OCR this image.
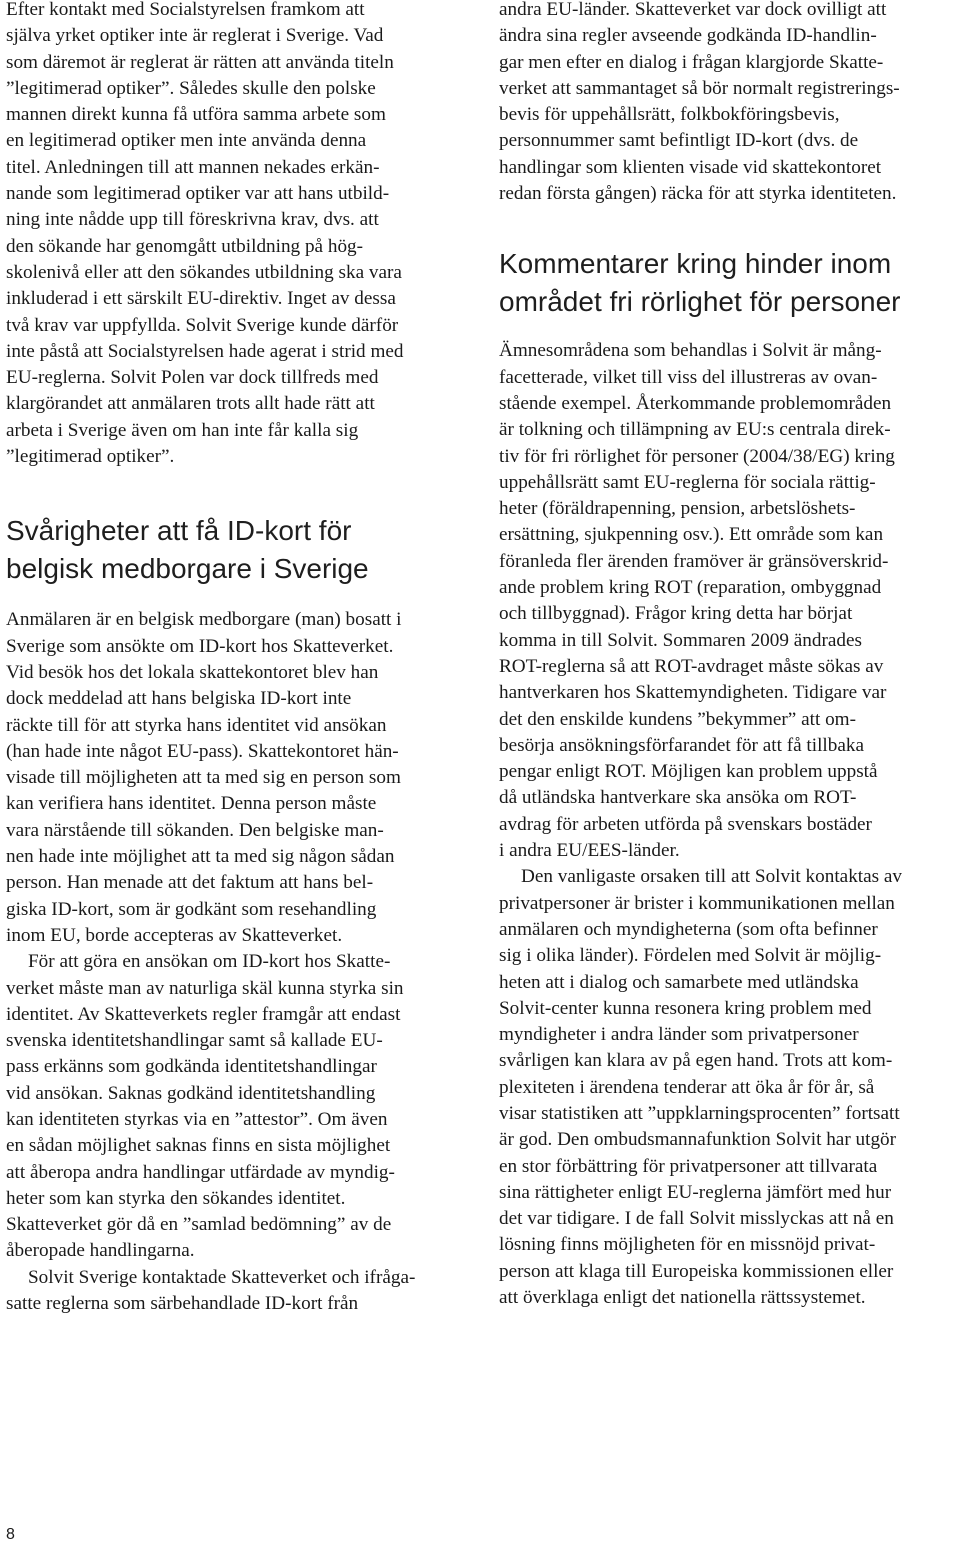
Efter kontakt med Socialstyrelsen framkom att
själva yrket optiker inte är reglerat i Sverige. Vad
som däremot är reglerat är rätten att använda titeln
”legitimerad optiker”. Således skulle den polske
mannen direkt kunna få utföra samma arbete som
en legitimerad optiker men inte använda denna
titel. Anledningen till att mannen nekades erkän-
nande som legitimerad optiker var att hans utbild-
ning inte nådde upp till föreskrivna krav, dvs. att
den sökande har genomgått utbildning på hög-
skolenivå eller att den sökandes utbildning ska vara
inkluderad i ett särskilt EU-direktiv. Inget av dessa
två krav var uppfyllda. Solvit Sverige kunde därför
inte påstå att Socialstyrelsen hade agerat i strid med
EU-reglerna. Solvit Polen var dock tillfreds med
klargörandet att anmälaren trots allt hade rätt att
arbeta i Sverige även om han inte får kalla sig
”legitimerad optiker”.
Svårigheter att få ID-kort för
belgisk medborgare i Sverige
Anmälaren är en belgisk medborgare (man) bosatt i
Sverige som ansökte om ID-kort hos Skatteverket.
Vid besök hos det lokala skattekontoret blev han
dock meddelad att hans belgiska ID-kort inte
räckte till för att styrka hans identitet vid ansökan
(han hade inte något EU-pass). Skattekontoret hän-
visade till möjligheten att ta med sig en person som
kan verifiera hans identitet. Denna person måste
vara närstående till sökanden. Den belgiske man-
nen hade inte möjlighet att ta med sig någon sådan
person. Han menade att det faktum att hans bel-
giska ID-kort, som är godkänt som resehandling
inom EU, borde accepteras av Skatteverket.
För att göra en ansökan om ID-kort hos Skatte-
verket måste man av naturliga skäl kunna styrka sin
identitet. Av Skatteverkets regler framgår att endast
svenska identitetshandlingar samt så kallade EU-
pass erkänns som godkända identitetshandlingar
vid ansökan. Saknas godkänd identitetshandling
kan identiteten styrkas via en ”attestor”. Om även
en sådan möjlighet saknas finns en sista möjlighet
att åberopa andra handlingar utfärdade av myndig-
heter som kan styrka den sökandes identitet.
Skatteverket gör då en ”samlad bedömning” av de
åberopade handlingarna.
Solvit Sverige kontaktade Skatteverket och ifråga-
satte reglerna som särbehandlade ID-kort från
andra EU-länder. Skatteverket var dock ovilligt att
ändra sina regler avseende godkända ID-handlin-
gar men efter en dialog i frågan klargjorde Skatte-
verket att sammantaget så bör normalt registrerings-
bevis för uppehållsrätt, folkbokföringsbevis,
personnummer samt befintligt ID-kort (dvs. de
handlingar som klienten visade vid skattekontoret
redan första gången) räcka för att styrka identiteten.
Kommentarer kring hinder inom
området fri rörlighet för personer
Ämnesområdena som behandlas i Solvit är mång-
facetterade, vilket till viss del illustreras av ovan-
stående exempel. Återkommande problemområden
är tolkning och tillämpning av EU:s centrala direk-
tiv för fri rörlighet för personer (2004/38/EG) kring
uppehållsrätt samt EU-reglerna för sociala rättig-
heter (föräldrapenning, pension, arbetslöshets-
ersättning, sjukpenning osv.). Ett område som kan
föranleda fler ärenden framöver är gränsöverskrid-
ande problem kring ROT (reparation, ombyggnad
och tillbyggnad). Frågor kring detta har börjat
komma in till Solvit. Sommaren 2009 ändrades
ROT-reglerna så att ROT-avdraget måste sökas av
hantverkaren hos Skattemyndigheten. Tidigare var
det den enskilde kundens ”bekymmer” att om-
besörja ansökningsförfarandet för att få tillbaka
pengar enligt ROT. Möjligen kan problem uppstå
då utländska hantverkare ska ansöka om ROT-
avdrag för arbeten utförda på svenskars bostäder
i andra EU/EES-länder.
Den vanligaste orsaken till att Solvit kontaktas av
privatpersoner är brister i kommunikationen mellan
anmälaren och myndigheterna (som ofta befinner
sig i olika länder). Fördelen med Solvit är möjlig-
heten att i dialog och samarbete med utländska
Solvit-center kunna resonera kring problem med
myndigheter i andra länder som privatpersoner
svårligen kan klara av på egen hand. Trots att kom-
plexiteten i ärendena tenderar att öka år för år, så
visar statistiken att ”uppklarningsprocenten” fortsatt
är god. Den ombudsmannafunktion Solvit har utgör
en stor förbättring för privatpersoner att tillvarata
sina rättigheter enligt EU-reglerna jämfört med hur
det var tidigare. I de fall Solvit misslyckas att nå en
lösning finns möjligheten för en missnöjd privat-
person att klaga till Europeiska kommissionen eller
att överklaga enligt det nationella rättssystemet.
8
